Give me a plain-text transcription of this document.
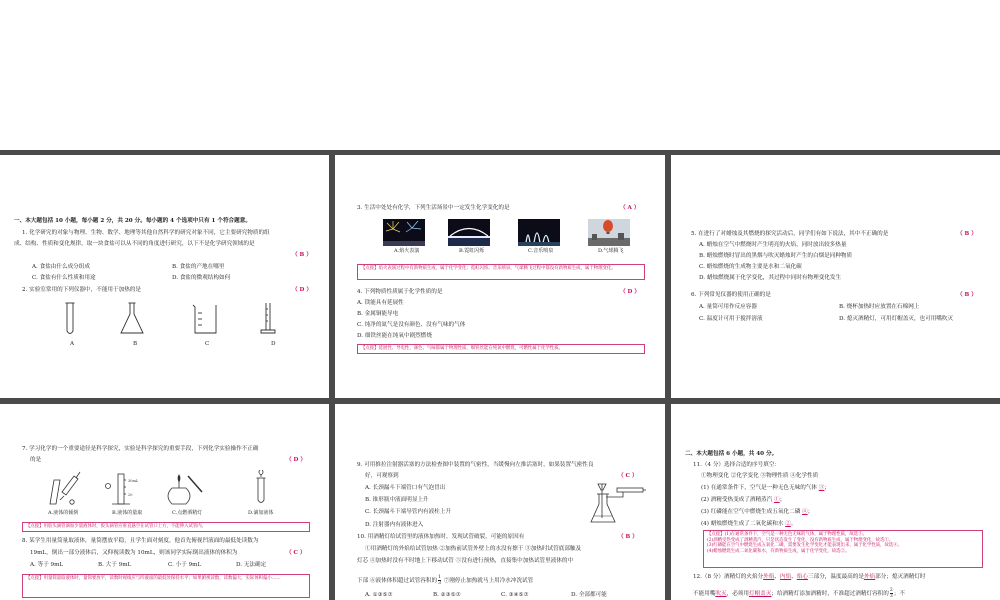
一、本大题包括 10 小题，每小题 2 分，共 20 分。每小题的 4 个选项中只有 1 个符合题意。
1. 化学研究的对象与物理、生物、数学、地理等其他自然科学的研究对象不同，它主要研究物质的组
成、结构、性质和变化规律，取一块食盐可以从不同的角度进行研究，以下不是化学研究领域的是
（ B ）
A. 食盐由什么成分组成	B. 食盐的产地在哪里
C. 食盐有什么性质和用途	D. 食盐的微观结构如何
2. 实验室常用的下列仪器中，不能用于加热的是	（ D ）
A	B	C	D
3. 生活中处处有化学，下列生活场景中一定发生化学变化的是	（ A ）
A.焰火表演	B.霓虹闪烁	C.音乐喷泉	D.气球腾飞
【点拨】焰火表演过程中有新物质生成，属于化学变化；霓虹闪烁、音乐喷泉、气球腾飞过程中都没有新物质生成，属于物理变化。
4. 下列物质性质属于化学性质的是	（ D ）
A. 镁能具有延展性
B. 金属铜能导电
C. 纯净的氮气是没有颜色、没有气味的气体
D. 细铁丝能在纯氧中剧烈燃烧
【点拨】延展性、导电性、颜色、气味都属于物理性质，细铁丝能在纯氧中燃烧，可燃性属于化学性质。
5. 在进行了对蜡烛及其燃烧的探究活动后，同学们有如下说法，其中不正确的是	（ B ）
A. 蜡烛在空气中燃烧时产生明亮的火焰，同时放出较多热量
B. 蜡烛燃烧时冒出的黑烟与吹灭蜡烛时产生的白烟是同种物质
C. 蜡烛燃烧的生成物主要是水和二氧化碳
D. 蜡烛燃烧属于化学变化，其过程中同时有物理变化发生
6. 下列常见仪器的使用正确的是	（ B ）
A. 量筒可用作反应容器	B. 烧杯加热时应放置在石棉网上
C. 温度计可用于搅拌溶液	D. 熄灭酒精灯，可用灯帽盖灭，也可用嘴吹灭
7. 学习化学的一个重要途径是科学探究，实验是科学探究的重要手段，下列化学实验操作不正确
的是	（ D ）
30mL
20
A.液体的倾倒	B.液体的量取	C.点燃酒精灯	D.滴加液体
【点拨】用胶头滴管滴加少量液体时，胶头滴管应垂直悬空在试管口上方，不能伸入试管内。
8. 某学生用量筒量取液体，量筒摆放平稳，且学生面对刻度，他首先俯视凹液面的最低处读数为
19mL，倒出一部分液体后，又仰视读数为 10mL，则该同学实际倒出液体的体积为	（ C ）
A. 等于 9mL	B. 大于 9mL	C. 小于 9mL	D. 无法确定
【点拨】用量筒量取液体时，量筒要放平，读数时视线应与凹液面的最低处保持水平；如果俯视读数，读数偏大，实际体积偏小……
9. 可用推拉注射器活塞的方法检查图中装置的气密性，当缓慢向左推活塞时，如果装置气密性良
好，可观察到	（ C ）
A. 长颈漏斗下端管口有气泡冒出
B. 锥形瓶中液面明显上升
C. 长颈漏斗下端导管内有液柱上升
D. 注射器内有液体进入
10. 用酒精灯给试管里的液体加热时，发现试管破裂，可能的原因有	（ B ）
①用酒精灯的外焰给试管加热 ②加热前试管外壁上的水没有擦干 ③加热时试管底部触及
灯芯 ④加热时没有不时地上下移动试管 ⑤没有进行预热，直接集中加热试管里液体的中
下部 ⑥液体体积超过试管容积的 $\frac{1}{3}$ ⑦刚停止加热就马上用冷水冲洗试管
A. ①③⑤⑦	B. ②③⑤⑦	C. ③④⑤⑦	D. 全部都可能
二、本大题包括 6 小题，共 40 分。
11.（4 分）选择合适的序号填空：
①物理变化 ②化学变化 ③物理性质 ④化学性质
(1) 在通常条件下，空气是一种无色无味的气体 ③；
(2) 酒精受热变成了酒精蒸汽 ①；
(3) 红磷能在空气中燃烧生成五氧化二磷 ④；
(4) 蜡烛燃烧生成了二氧化碳和水 ②。
【点拨】(1)在通常条件下，空气是一种无色无味的气体，属于物理性质，故选③。
(2)酒精受热变成了酒精蒸汽，只是状态发生了变化，没有新物质生成，属于物理变化，故选①。
(3)红磷能在空气中燃烧生成五氧化二磷，需要发生化学变化才能表现出来，属于化学性质，故选④。
(4)蜡烛燃烧生成二氧化碳和水，有新物质生成，属于化学变化，故选②。
12.（8 分）酒精灯的火焰分外焰、内焰、焰心三部分，温度最高的是外焰部分；熄灭酒精灯时
不能用嘴吹灭，必须用灯帽盖灭；给酒精灯添加酒精时，不准超过酒精灯容积的 $\frac{2}{3}$ ；不
